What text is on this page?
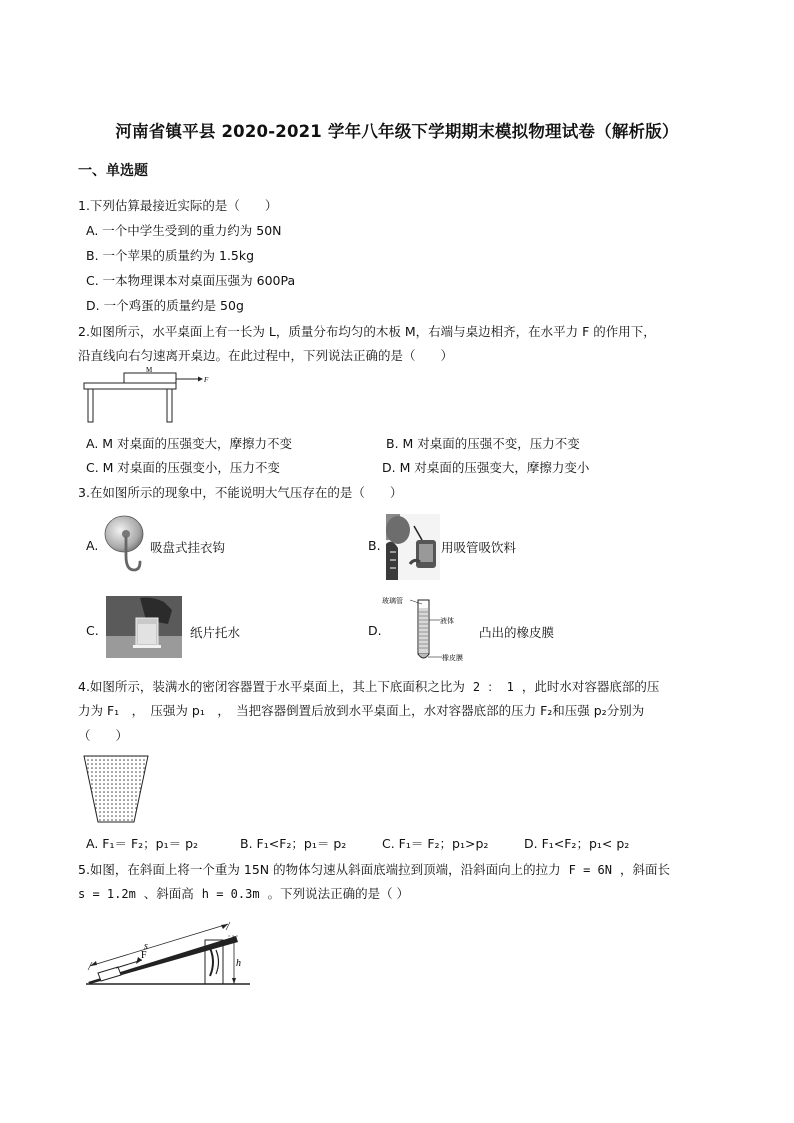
河南省镇平县 2020-2021 学年八年级下学期期末模拟物理试卷（解析版）
一、单选题
1.下列估算最接近实际的是（　　）
A. 一个中学生受到的重力约为 50N
B. 一个苹果的质量约为 1.5kg
C. 一本物理课本对桌面压强为 600Pa
D. 一个鸡蛋的质量约是 50g
2.如图所示，水平桌面上有一长为 L，质量分布均匀的木板 M，右端与桌边相齐，在水平力 F 的作用下，
沿直线向右匀速离开桌边。在此过程中，下列说法正确的是（　　）
M
F
A. M 对桌面的压强变大，摩擦力不变	B. M 对桌面的压强不变，压力不变
C. M 对桌面的压强变小，压力不变	D. M 对桌面的压强变大，摩擦力变小
3.在如图所示的现象中，不能说明大气压存在的是（　　）
A.	吸盘式挂衣钩	B.	用吸管吸饮料
C.	纸片托水	D.
玻璃管
液体
橡皮膜
凸出的橡皮膜
4.如图所示，装满水的密闭容器置于水平桌面上，其上下底面积之比为 2 ： 1 ，此时水对容器底部的压
力为 F₁　，　压强为 p₁　，　当把容器倒置后放到水平桌面上，水对容器底部的压力 F₂和压强 p₂分别为
（　　）
A. F₁＝ F₂；p₁＝ p₂	B. F₁<F₂；p₁＝ p₂	C. F₁＝ F₂；p₁>p₂	D. F₁<F₂；p₁< p₂
5.如图，在斜面上将一个重为 15N 的物体匀速从斜面底端拉到顶端，沿斜面向上的拉力 F = 6N ，斜面长
s = 1.2m 、斜面高 h = 0.3m 。下列说法正确的是（ ）
F
s
h
